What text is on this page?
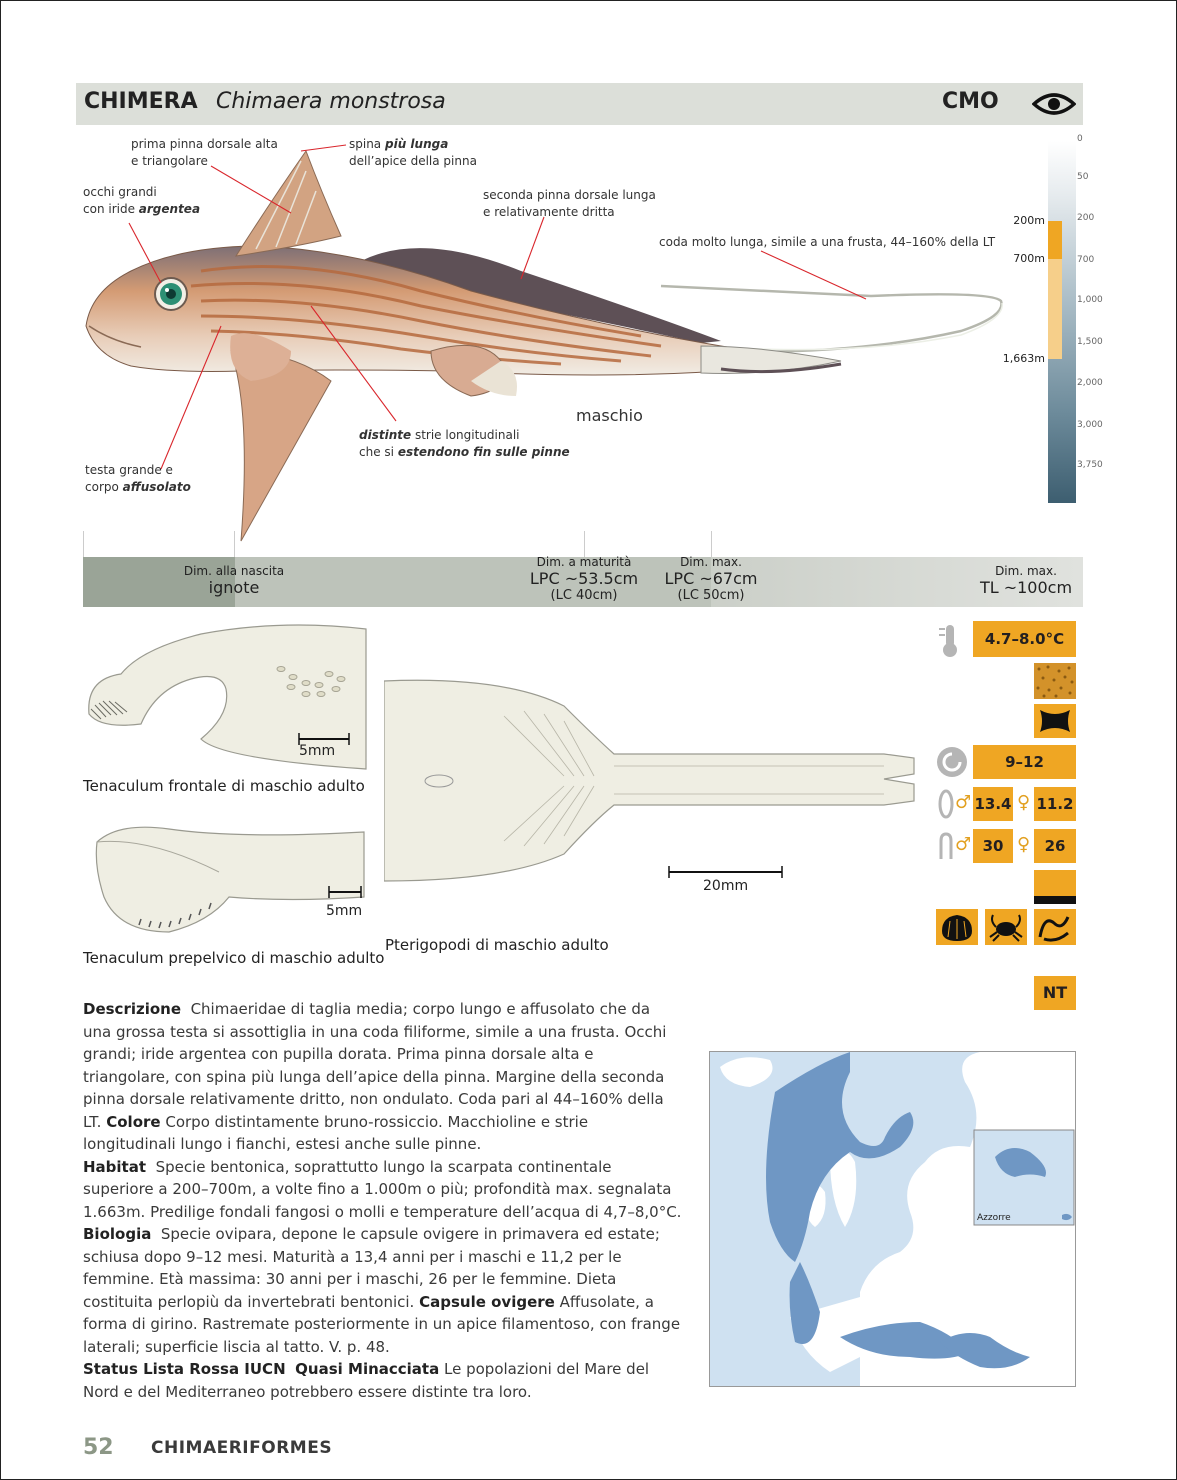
CHIMERA Chimaera monstrosa	CMO
prima pinna dorsale alta
e triangolare
spina più lunga
dell’apice della pinna
occhi grandi
con iride argentea
seconda pinna dorsale lunga
e relativamente dritta
coda molto lunga, simile a una frusta, 44–160% della LT
distinte strie longitudinali
che si estendono fin sulle pinne
testa grande e
corpo affusolato
maschio
0
50
200
700
1,000
1,500
2,000
3,000
3,750
200m
700m
1,663m
Dim. alla nascita
ignote
Dim. a maturità
LPC ~53.5cm
(LC 40cm)
Dim. max.
LPC ~67cm
(LC 50cm)
Dim. max.
TL ~100cm
5mm
Tenaculum frontale di maschio adulto
5mm
Tenaculum prepelvico di maschio adulto
20mm
Pterigopodi di maschio adulto
4.7–8.0°C
9–12
♂ 13.4 ♀ 11.2
♂ 30 ♀ 26
NT
Descrizione Chimaeridae di taglia media; corpo lungo e affusolato che da una grossa testa si assottiglia in una coda filiforme, simile a una frusta. Occhi grandi; iride argentea con pupilla dorata. Prima pinna dorsale alta e triangolare, con spina più lunga dell’apice della pinna. Margine della seconda pinna dorsale relativamente dritto, non ondulato. Coda pari al 44–160% della LT. Colore Corpo distintamente bruno-rossiccio. Macchioline e strie longitudinali lungo i fianchi, estesi anche sulle pinne.
Habitat Specie bentonica, soprattutto lungo la scarpata continentale superiore a 200–700m, a volte fino a 1.000m o più; profondità max. segnalata 1.663m. Predilige fondali fangosi o molli e temperature dell’acqua di 4,7–8,0°C.
Biologia Specie ovipara, depone le capsule ovigere in primavera ed estate; schiusa dopo 9–12 mesi. Maturità a 13,4 anni per i maschi e 11,2 per le femmine. Età massima: 30 anni per i maschi, 26 per le femmine. Dieta costituita perlopiù da invertebrati bentonici. Capsule ovigere Affusolate, a forma di girino. Rastremate posteriormente in un apice filamentoso, con frange laterali; superficie liscia al tatto. V. p. 48.
Status Lista Rossa IUCN Quasi Minacciata Le popolazioni del Mare del Nord e del Mediterraneo potrebbero essere distinte tra loro.
Azzorre
52 CHIMAERIFORMES
